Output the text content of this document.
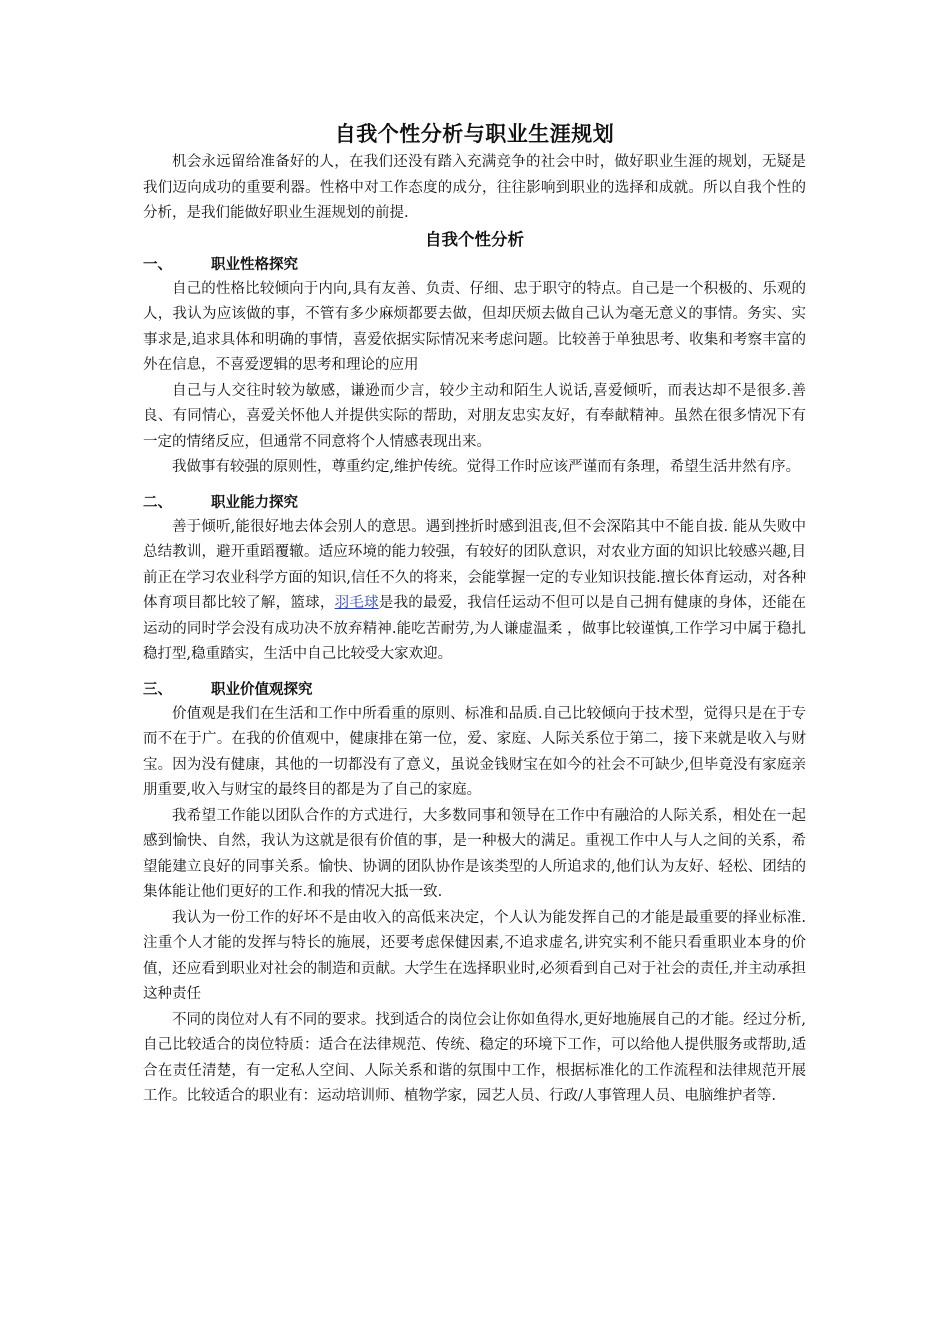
自我个性分析与职业生涯规划

机会永远留给准备好的人，在我们还没有踏入充满竞争的社会中时，做好职业生涯的规划，无疑是我们迈向成功的重要利器。性格中对工作态度的成分，往往影响到职业的选择和成就。所以自我个性的分析，是我们能做好职业生涯规划的前提.

自我个性分析
一、	职业性格探究

自己的性格比较倾向于内向,具有友善、负责、仔细、忠于职守的特点。自己是一个积极的、乐观的人，我认为应该做的事，不管有多少麻烦都要去做，但却厌烦去做自己认为毫无意义的事情。务实、实事求是,追求具体和明确的事情，喜爱依据实际情况来考虑问题。比较善于单独思考、收集和考察丰富的外在信息，不喜爱逻辑的思考和理论的应用

自己与人交往时较为敏感，谦逊而少言，较少主动和陌生人说话,喜爱倾听，而表达却不是很多.善良、有同情心，喜爱关怀他人并提供实际的帮助，对朋友忠实友好，有奉献精神。虽然在很多情况下有一定的情绪反应，但通常不同意将个人情感表现出来。

我做事有较强的原则性，尊重约定,维护传统。觉得工作时应该严谨而有条理，希望生活井然有序。

二、	职业能力探究

善于倾听,能很好地去体会别人的意思。遇到挫折时感到沮丧,但不会深陷其中不能自拔. 能从失败中总结教训，避开重蹈覆辙。适应环境的能力较强，有较好的团队意识，对农业方面的知识比较感兴趣,目前正在学习农业科学方面的知识,信任不久的将来，会能掌握一定的专业知识技能.擅长体育运动，对各种体育项目都比较了解，篮球，羽毛球是我的最爱，我信任运动不但可以是自己拥有健康的身体，还能在运动的同时学会没有成功决不放弃精神.能吃苦耐劳,为人谦虚温柔 ，做事比较谨慎,工作学习中属于稳扎稳打型,稳重踏实，生活中自己比较受大家欢迎。

三、	职业价值观探究

价值观是我们在生活和工作中所看重的原则、标准和品质.自己比较倾向于技术型，觉得只是在于专而不在于广。在我的价值观中，健康排在第一位，爱、家庭、人际关系位于第二，接下来就是收入与财宝。因为没有健康，其他的一切都没有了意义，虽说金钱财宝在如今的社会不可缺少,但毕竟没有家庭亲朋重要,收入与财宝的最终目的都是为了自己的家庭。

我希望工作能以团队合作的方式进行，大多数同事和领导在工作中有融洽的人际关系，相处在一起感到愉快、自然，我认为这就是很有价值的事，是一种极大的满足。重视工作中人与人之间的关系，希望能建立良好的同事关系。愉快、协调的团队协作是该类型的人所追求的,他们认为友好、轻松、团结的集体能让他们更好的工作.和我的情况大抵一致.

我认为一份工作的好坏不是由收入的高低来决定，个人认为能发挥自己的才能是最重要的择业标准.注重个人才能的发挥与特长的施展，还要考虑保健因素,不追求虚名,讲究实利不能只看重职业本身的价值，还应看到职业对社会的制造和贡献。大学生在选择职业时,必须看到自己对于社会的责任,并主动承担这种责任

不同的岗位对人有不同的要求。找到适合的岗位会让你如鱼得水,更好地施展自己的才能。经过分析,自己比较适合的岗位特质：适合在法律规范、传统、稳定的环境下工作，可以给他人提供服务或帮助,适合在责任清楚，有一定私人空间、人际关系和谐的氛围中工作，根据标准化的工作流程和法律规范开展工作。比较适合的职业有：运动培训师、植物学家，园艺人员、行政/人事管理人员、电脑维护者等.
